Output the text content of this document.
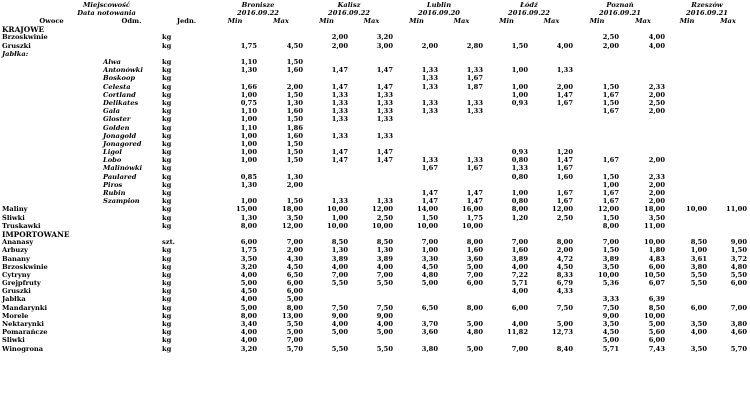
Miejscowość			Bronisze		Kalisz		Lublin		Łódź		Poznań		Rzeszów	
Data notowania			2016.09.22		2016.09.22		2016.09.20		2016.09.22		2016.09.21		2016.09.21	
Owoce	Odm.	Jedn.	Min	Max	Min	Max	Min	Max	Min	Max	Min	Max	Min	Max
KRAJOWE														
Brzoskwinie		kg			2,00	3,20					2,50	4,00		
Gruszki		kg	1,75	4,50	2,00	3,00	2,00	2,80	1,50	4,00	2,00	4,00		
Jabłka:														
	Alwa	kg	1,10	1,50										
	Antonówki	kg	1,30	1,60	1,47	1,47	1,33	1,33	1,00	1,33				
	Boskoop	kg					1,33	1,67						
	Celesta	kg	1,66	2,00	1,47	1,47	1,33	1,87	1,00	2,00	1,50	2,33		
	Cortland	kg	1,00	1,50	1,33	1,33			1,00	1,47	1,67	2,00		
	Delikates	kg	0,75	1,30	1,33	1,33	1,33	1,33	0,93	1,67	1,50	2,50		
	Gala	kg	1,10	1,60	1,33	1,33	1,33	1,33			1,67	2,00		
	Gloster	kg	1,00	1,50	1,33	1,33								
	Golden	kg	1,10	1,86										
	Jonagold	kg	1,00	1,60	1,33	1,33								
	Jonagored	kg	1,00	1,50										
	Ligol	kg	1,00	1,50	1,47	1,47			0,93	1,20				
	Lobo	kg	1,00	1,50	1,47	1,47	1,33	1,33	0,80	1,47	1,67	2,00		
	Malinówki	kg					1,67	1,67	1,33	1,67				
	Paulared	kg	0,85	1,30					0,80	1,60	1,50	2,33		
	Piros	kg	1,30	2,00							1,00	2,00		
	Rubin	kg					1,47	1,47	1,00	1,67	1,67	2,00		
	Szampion	kg	1,00	1,50	1,33	1,33	1,47	1,47	0,80	1,67	1,67	2,00		
Maliny		kg	15,00	18,00	10,00	12,00	14,00	16,00	8,00	12,00	12,00	18,00	10,00	11,00
Śliwki		kg	1,30	3,50	1,00	2,50	1,50	1,75	1,20	2,50	1,50	3,50		
Truskawki		kg	8,00	12,00	10,00	10,00	10,00	10,00			8,00	11,00		
IMPORTOWANE														
Ananasy		szt.	6,00	7,00	8,50	8,50	7,00	8,00	7,00	8,00	7,00	10,00	8,50	9,00
Arbuzy		kg	1,75	2,00	1,30	1,30	1,00	1,60	1,60	2,00	1,50	1,80	1,00	1,50
Banany		kg	3,50	4,30	3,89	3,89	3,30	3,60	3,89	4,72	3,89	4,83	3,61	3,72
Brzoskwinie		kg	3,20	4,50	4,00	4,00	4,50	5,00	4,00	4,50	3,50	6,00	3,80	4,80
Cytryny		kg	4,00	6,50	7,00	7,00	4,80	7,00	7,22	8,33	10,00	10,50	5,50	5,50
Grejpfruty		kg	5,00	6,00	5,50	5,50	5,00	6,00	5,71	6,79	5,36	6,07	5,50	6,00
Gruszki		kg	4,50	6,00					4,00	4,33				
Jabłka		kg	4,00	5,00							3,33	6,39		
Mandarynki		kg	5,00	8,00	7,50	7,50	6,50	8,00	6,00	7,50	7,50	8,50	6,00	7,00
Morele		kg	8,00	13,00	9,00	9,00					9,00	10,00		
Nektarynki		kg	3,40	5,50	4,00	4,00	3,70	5,00	4,00	5,00	3,50	5,00	3,50	3,80
Pomarańcze		kg	4,00	5,00	5,00	5,00	3,60	4,80	11,82	12,73	4,50	5,60	4,00	4,60
Śliwki		kg	4,00	7,00							5,00	6,00		
Winogrona		kg	3,20	5,70	5,50	5,50	3,80	5,00	7,00	8,40	5,71	7,43	3,50	5,70
